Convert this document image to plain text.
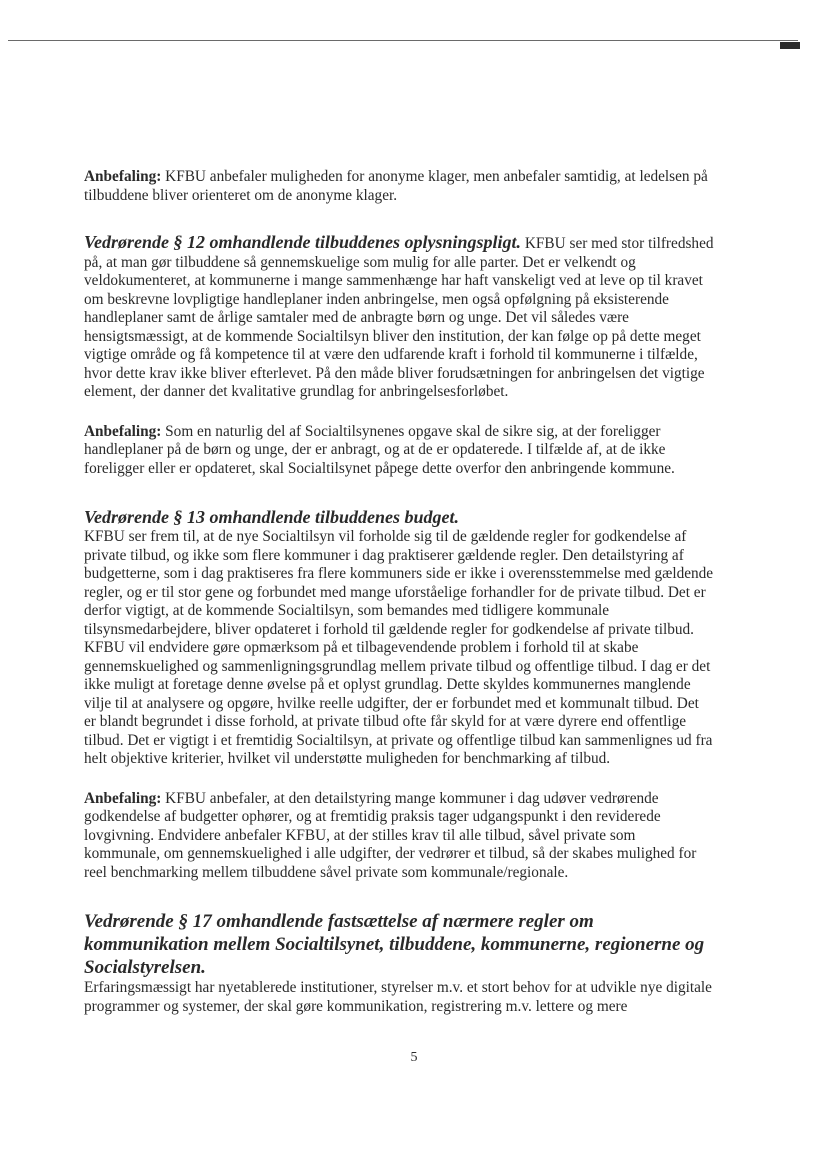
Anbefaling: KFBU anbefaler muligheden for anonyme klager, men anbefaler samtidig, at ledelsen på tilbuddene bliver orienteret om de anonyme klager.

Vedrørende § 12 omhandlende tilbuddenes oplysningspligt. KFBU ser med stor tilfredshed på, at man gør tilbuddene så gennemskuelige som mulig for alle parter. Det er velkendt og veldokumenteret, at kommunerne i mange sammenhænge har haft vanskeligt ved at leve op til kravet om beskrevne lovpligtige handleplaner inden anbringelse, men også opfølgning på eksisterende handleplaner samt de årlige samtaler med de anbragte børn og unge. Det vil således være hensigtsmæssigt, at de kommende Socialtilsyn bliver den institution, der kan følge op på dette meget vigtige område og få kompetence til at være den udfarende kraft i forhold til kommunerne i tilfælde, hvor dette krav ikke bliver efterlevet. På den måde bliver forudsætningen for anbringelsen det vigtige element, der danner det kvalitative grundlag for anbringelsesforløbet.

Anbefaling: Som en naturlig del af Socialtilsynenes opgave skal de sikre sig, at der foreligger handleplaner på de børn og unge, der er anbragt, og at de er opdaterede. I tilfælde af, at de ikke foreligger eller er opdateret, skal Socialtilsynet påpege dette overfor den anbringende kommune.

Vedrørende § 13 omhandlende tilbuddenes budget.

KFBU ser frem til, at de nye Socialtilsyn vil forholde sig til de gældende regler for godkendelse af private tilbud, og ikke som flere kommuner i dag praktiserer gældende regler. Den detailstyring af budgetterne, som i dag praktiseres fra flere kommuners side er ikke i overensstemmelse med gældende regler, og er til stor gene og forbundet med mange uforståelige forhandler for de private tilbud. Det er derfor vigtigt, at de kommende Socialtilsyn, som bemandes med tidligere kommunale tilsynsmedarbejdere, bliver opdateret i forhold til gældende regler for godkendelse af private tilbud. KFBU vil endvidere gøre opmærksom på et tilbagevendende problem i forhold til at skabe gennemskuelighed og sammenligningsgrundlag mellem private tilbud og offentlige tilbud. I dag er det ikke muligt at foretage denne øvelse på et oplyst grundlag. Dette skyldes kommunernes manglende vilje til at analysere og opgøre, hvilke reelle udgifter, der er forbundet med et kommunalt tilbud. Det er blandt begrundet i disse forhold, at private tilbud ofte får skyld for at være dyrere end offentlige tilbud. Det er vigtigt i et fremtidig Socialtilsyn, at private og offentlige tilbud kan sammenlignes ud fra helt objektive kriterier, hvilket vil understøtte muligheden for benchmarking af tilbud.

Anbefaling: KFBU anbefaler, at den detailstyring mange kommuner i dag udøver vedrørende godkendelse af budgetter ophører, og at fremtidig praksis tager udgangspunkt i den reviderede lovgivning. Endvidere anbefaler KFBU, at der stilles krav til alle tilbud, såvel private som kommunale, om gennemskuelighed i alle udgifter, der vedrører et tilbud, så der skabes mulighed for reel benchmarking mellem tilbuddene såvel private som kommunale/regionale.

Vedrørende § 17 omhandlende fastsættelse af nærmere regler om kommunikation mellem Socialtilsynet, tilbuddene, kommunerne, regionerne og Socialstyrelsen.

Erfaringsmæssigt har nyetablerede institutioner, styrelser m.v. et stort behov for at udvikle nye digitale programmer og systemer, der skal gøre kommunikation, registrering m.v. lettere og mere

5
